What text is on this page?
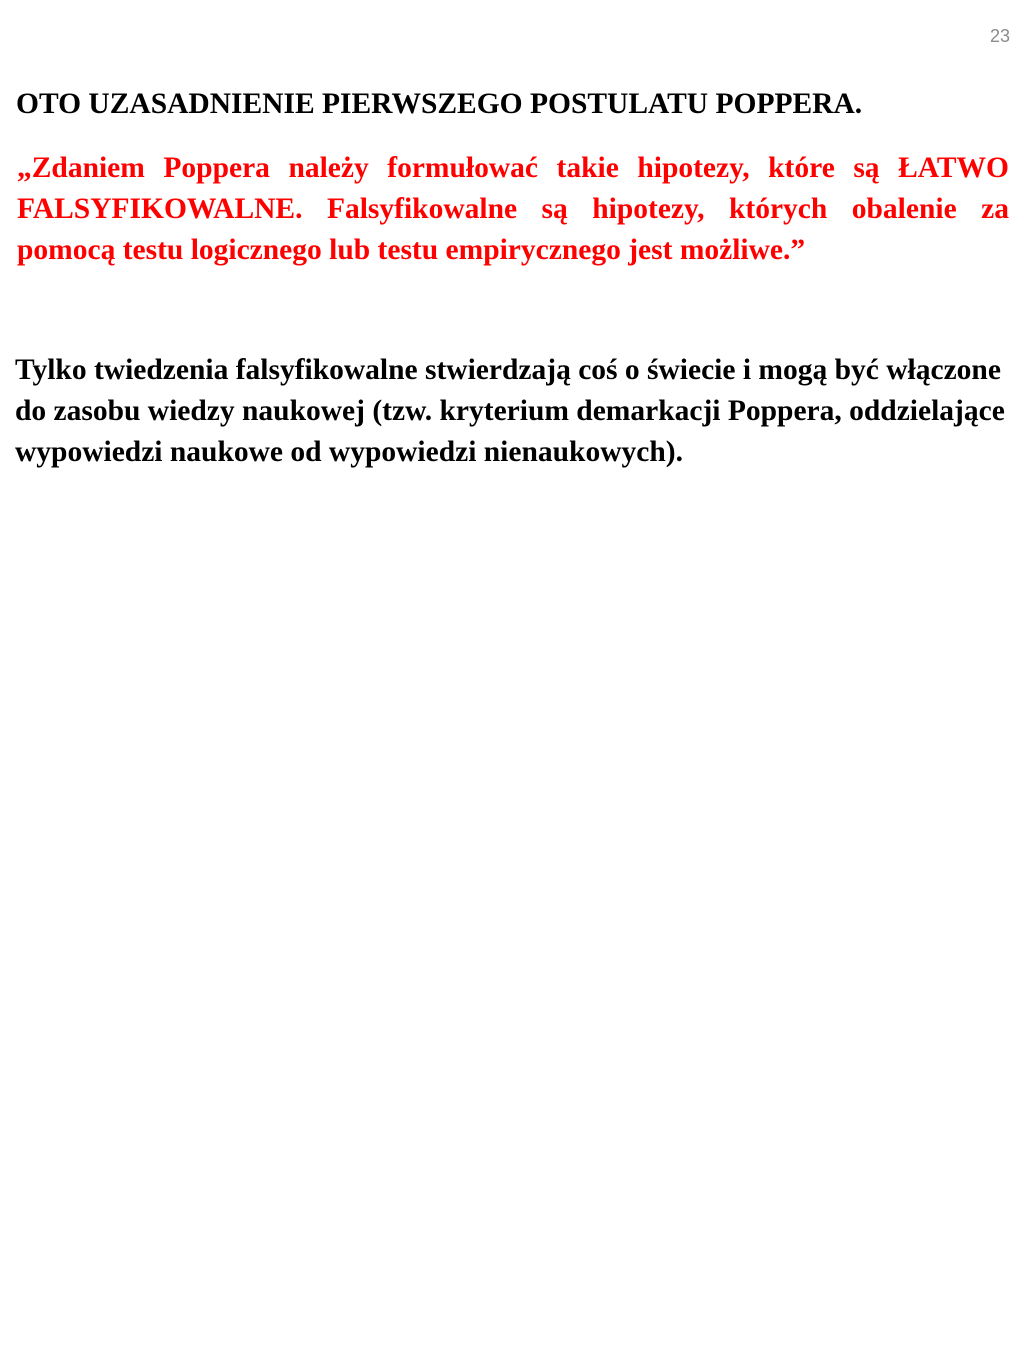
23
OTO UZASADNIENIE PIERWSZEGO POSTULATU POPPERA.

„Zdaniem Poppera należy formułować takie hipotezy, które są ŁATWO FALSYFIKOWALNE. Falsyfikowalne są hipotezy, których obalenie za pomocą testu logicznego lub testu empirycznego jest możliwe.”

Tylko twiedzenia falsyfikowalne stwierdzają coś o świecie i mogą być włączone do zasobu wiedzy naukowej (tzw. kryterium demarkacji Poppera, oddzielające wypowiedzi naukowe od wypowiedzi nienaukowych).
